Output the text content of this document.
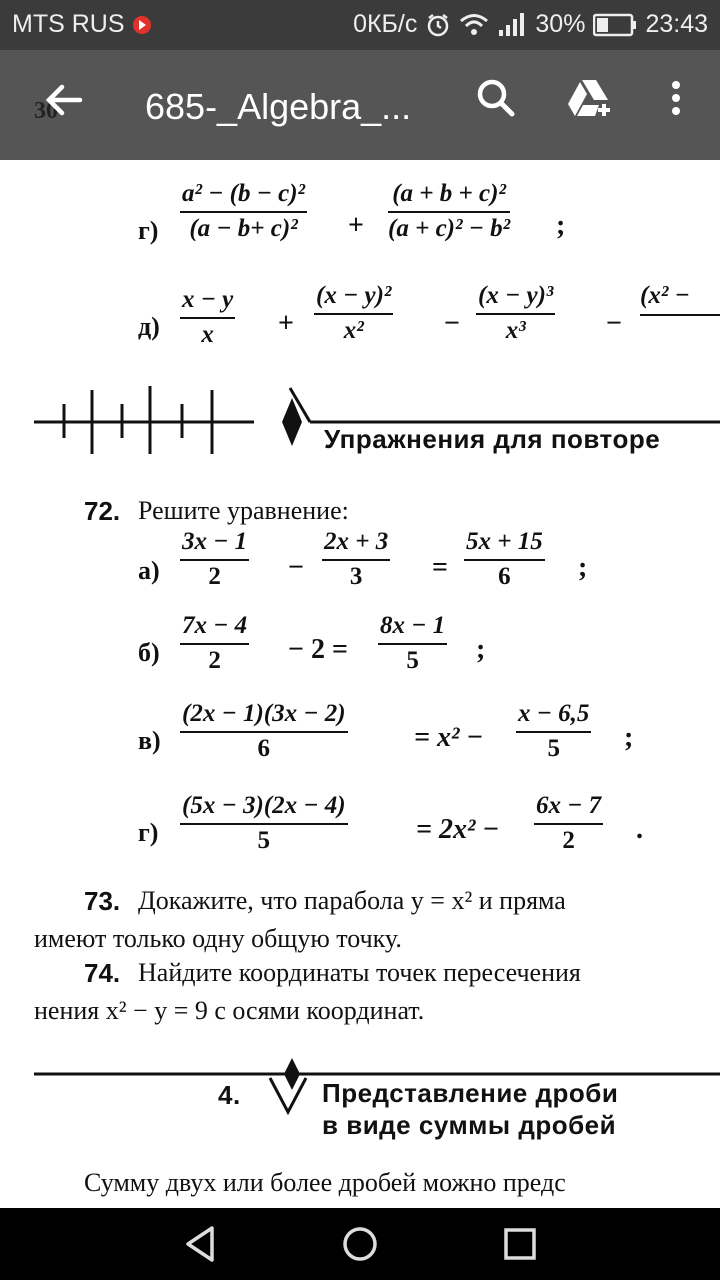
MTS RUS	0КБ/с	30% 23:43
30 685-_Algebra_...
г)
a² − (b − c)²
(a − b+ c)² +
(a + b + c)²
(a + c)² − b² ;
д)
x − y
x +
(x − y)²
x²	−
(x − y)³
x³	−
(x² −
Упражнения для повторе
72. Решите уравнение:
а)
3x − 1
2 −
2x + 3
3 =
5x + 15
6 ;
б)
7x − 4
2 − 2 =
8x − 1
5 ;
в)
(2x − 1)(3x − 2)
6	= x² −
x − 6,5
5 ;
г)
(5x − 3)(2x − 4)
5	= 2x² −
6x − 7
2 .
73. Докажите, что парабола y = x² и пряма
имеют только одну общую точку.
74. Найдите координаты точек пересечения
нения x² − y = 9 с осями координат.
4.	Представление дроби
в виде суммы дробей
Сумму двух или более дробей можно предс
